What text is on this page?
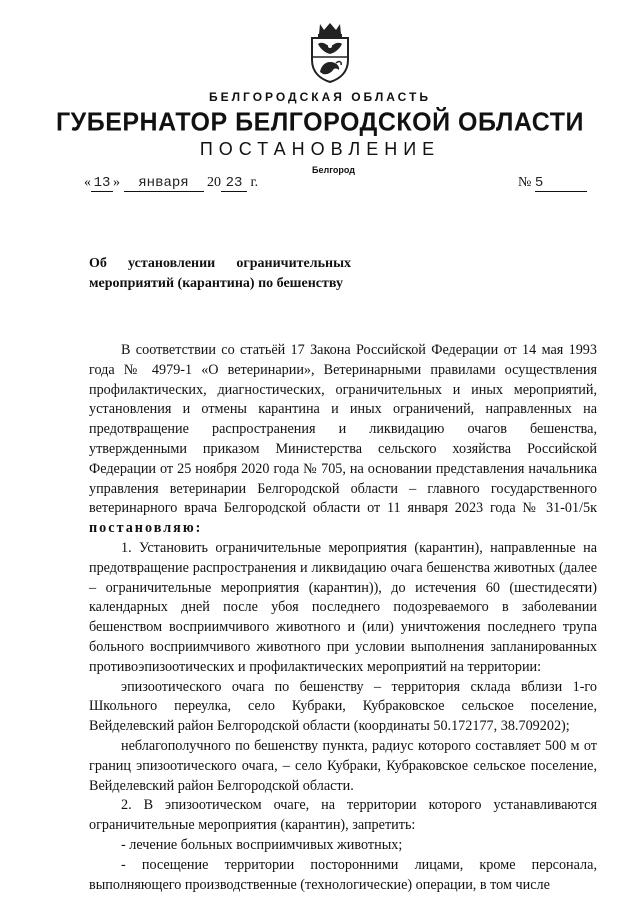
БЕЛГОРОДСКАЯ ОБЛАСТЬ
ГУБЕРНАТОР БЕЛГОРОДСКОЙ ОБЛАСТИ
ПОСТАНОВЛЕНИЕ
Белгород
« 13 » января 20 23 г.	№ 5
Об установлении ограничительных мероприятий (карантина) по бешенству

В соответствии со статьёй 17 Закона Российской Федерации от 14 мая 1993 года № 4979-1 «О ветеринарии», Ветеринарными правилами осуществления профилактических, диагностических, ограничительных и иных мероприятий, установления и отмены карантина и иных ограничений, направленных на предотвращение распространения и ликвидацию очагов бешенства, утвержденными приказом Министерства сельского хозяйства Российской Федерации от 25 ноября 2020 года № 705, на основании представления начальника управления ветеринарии Белгородской области – главного государственного ветеринарного врача Белгородской области от 11 января 2023 года № 31-01/5к постановляю:

1. Установить ограничительные мероприятия (карантин), направленные на предотвращение распространения и ликвидацию очага бешенства животных (далее – ограничительные мероприятия (карантин)), до истечения 60 (шестидесяти) календарных дней после убоя последнего подозреваемого в заболевании бешенством восприимчивого животного и (или) уничтожения последнего трупа больного восприимчивого животного при условии выполнения запланированных противоэпизоотических и профилактических мероприятий на территории:

эпизоотического очага по бешенству – территория склада вблизи 1-го Школьного переулка, село Кубраки, Кубраковское сельское поселение, Вейделевский район Белгородской области (координаты 50.172177, 38.709202);

неблагополучного по бешенству пункта, радиус которого составляет 500 м от границ эпизоотического очага, – село Кубраки, Кубраковское сельское поселение, Вейделевский район Белгородской области.

2. В эпизоотическом очаге, на территории которого устанавливаются ограничительные мероприятия (карантин), запретить:

- лечение больных восприимчивых животных;

- посещение территории посторонними лицами, кроме персонала, выполняющего производственные (технологические) операции, в том числе
